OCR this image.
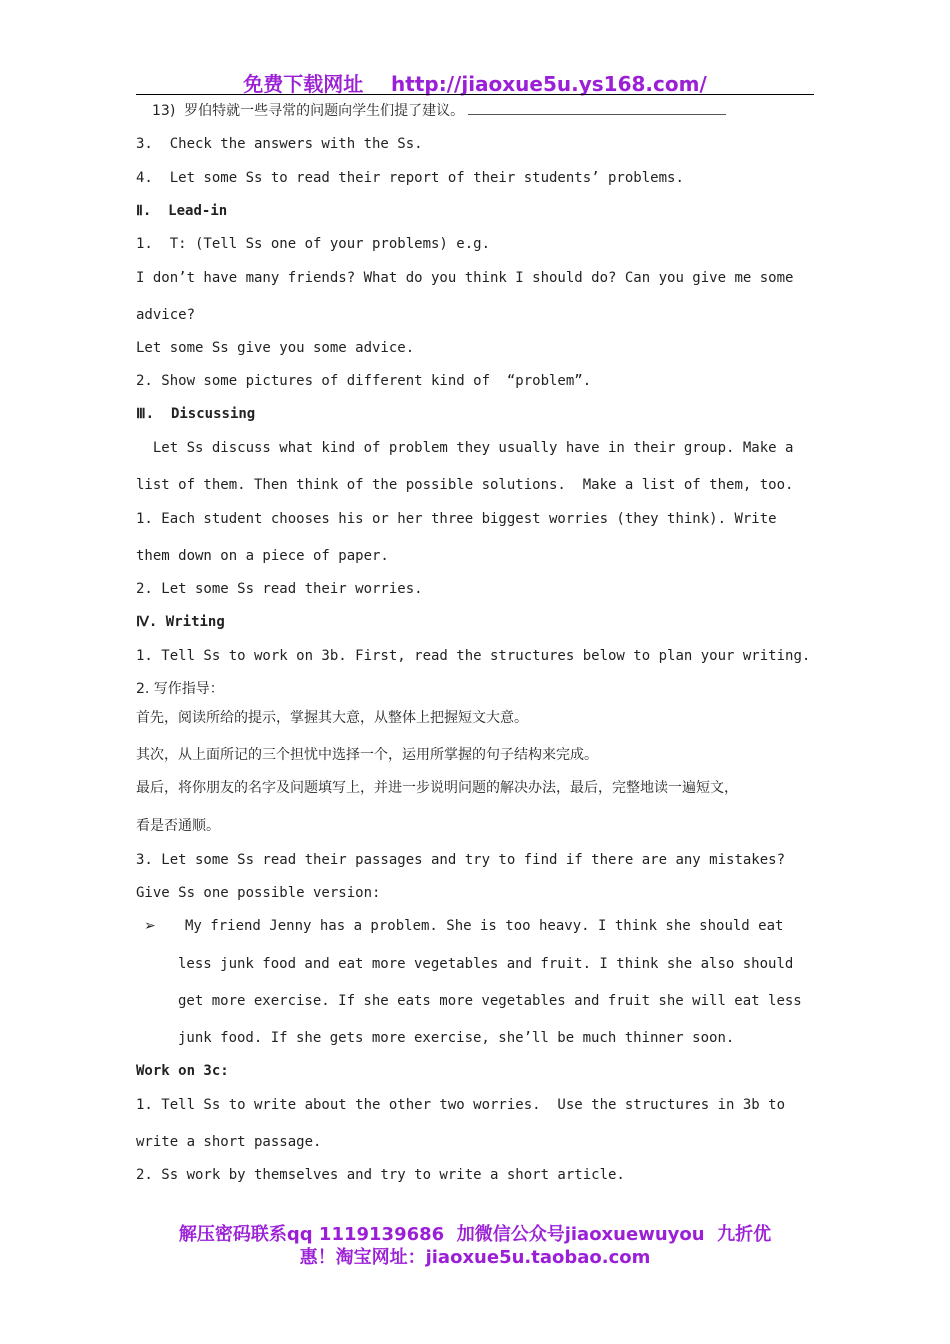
免费下载网址    http://jiaoxue5u.ys168.com/
13)  罗伯特就一些寻常的问题向学生们提了建议。
3.  Check the answers with the Ss.
4.  Let some Ss to read their report of their students’ problems.
Ⅱ.  Lead-in
1.  T: (Tell Ss one of your problems) e.g.
I don’t have many friends? What do you think I should do? Can you give me some
advice?
Let some Ss give you some advice.
2. Show some pictures of different kind of  “problem”.
Ⅲ.  Discussing
Let Ss discuss what kind of problem they usually have in their group. Make a
list of them. Then think of the possible solutions.  Make a list of them, too.
1. Each student chooses his or her three biggest worries (they think). Write
them down on a piece of paper.
2. Let some Ss read their worries.
Ⅳ. Writing
1. Tell Ss to work on 3b. First, read the structures below to plan your writing.
2. 写作指导：
首先，阅读所给的提示，掌握其大意，从整体上把握短文大意。
其次，从上面所记的三个担忧中选择一个，运用所掌握的句子结构来完成。
最后，将你朋友的名字及问题填写上，并进一步说明问题的解决办法，最后，完整地读一遍短文，
看是否通顺。
3. Let some Ss read their passages and try to find if there are any mistakes?
Give Ss one possible version:
➢ My friend Jenny has a problem. She is too heavy. I think she should eat
less junk food and eat more vegetables and fruit. I think she also should
get more exercise. If she eats more vegetables and fruit she will eat less
junk food. If she gets more exercise, she’ll be much thinner soon.
Work on 3c:
1. Tell Ss to write about the other two worries.  Use the structures in 3b to
write a short passage.
2. Ss work by themselves and try to write a short article.
解压密码联系qq 1119139686  加微信公众号jiaoxuewuyou  九折优
惠！淘宝网址：jiaoxue5u.taobao.com
